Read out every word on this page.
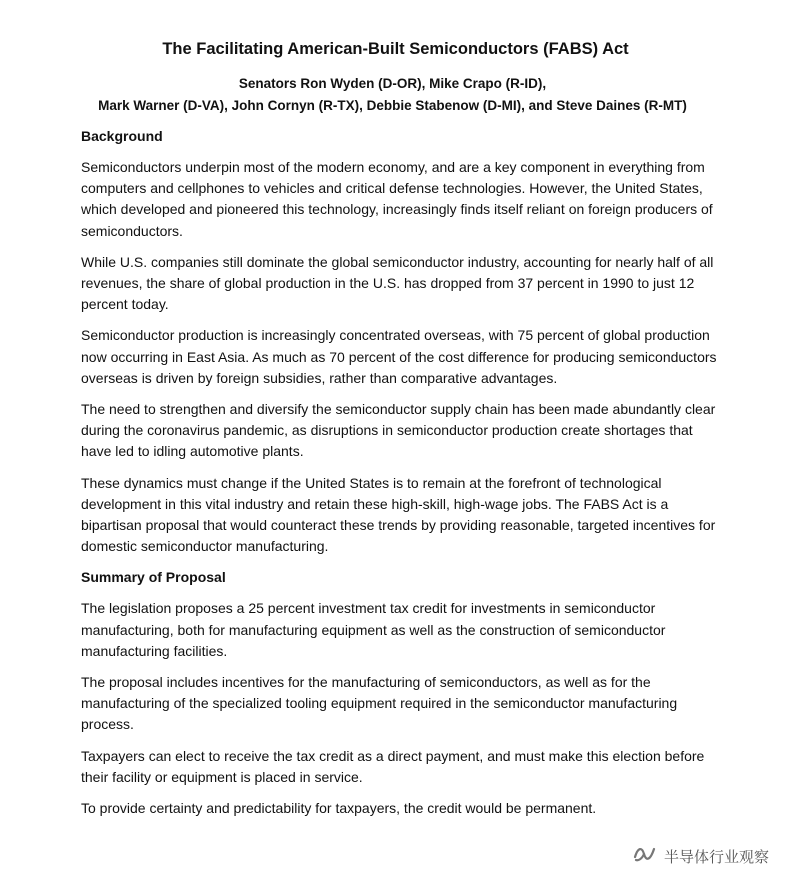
The Facilitating American-Built Semiconductors (FABS) Act
Senators Ron Wyden (D-OR), Mike Crapo (R-ID),
Mark Warner (D-VA), John Cornyn (R-TX), Debbie Stabenow (D-MI), and Steve Daines (R-MT)
Background

Semiconductors underpin most of the modern economy, and are a key component in everything from computers and cellphones to vehicles and critical defense technologies. However, the United States, which developed and pioneered this technology, increasingly finds itself reliant on foreign producers of semiconductors.

While U.S. companies still dominate the global semiconductor industry, accounting for nearly half of all revenues, the share of global production in the U.S. has dropped from 37 percent in 1990 to just 12 percent today.

Semiconductor production is increasingly concentrated overseas, with 75 percent of global production now occurring in East Asia. As much as 70 percent of the cost difference for producing semiconductors overseas is driven by foreign subsidies, rather than comparative advantages.

The need to strengthen and diversify the semiconductor supply chain has been made abundantly clear during the coronavirus pandemic, as disruptions in semiconductor production create shortages that have led to idling automotive plants.

These dynamics must change if the United States is to remain at the forefront of technological development in this vital industry and retain these high-skill, high-wage jobs. The FABS Act is a bipartisan proposal that would counteract these trends by providing reasonable, targeted incentives for domestic semiconductor manufacturing.

Summary of Proposal

The legislation proposes a 25 percent investment tax credit for investments in semiconductor manufacturing, both for manufacturing equipment as well as the construction of semiconductor manufacturing facilities.

The proposal includes incentives for the manufacturing of semiconductors, as well as for the manufacturing of the specialized tooling equipment required in the semiconductor manufacturing process.

Taxpayers can elect to receive the tax credit as a direct payment, and must make this election before their facility or equipment is placed in service.

To provide certainty and predictability for taxpayers, the credit would be permanent.

半导体行业观察
